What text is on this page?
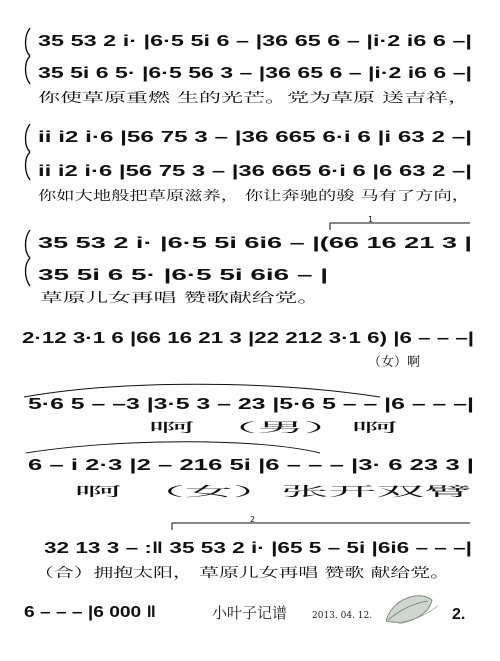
35 53 2 i· |6·5 5i 6 – |36 65 6 – |i·2 i6 6 –|
35 5i 6 5· |6·5 56 3 – |36 65 6 – |i·2 i6 6 –|
你使草原重燃 生的光芒。党为草原 送吉祥，
ii i2 i·6 |56 75 3 – |36 665 6·i 6 |i 63 2 –|
ii i2 i·6 |56 75 3 – |36 665 6·i 6 |6 63 2 –|
你如大地般把草原滋养， 你让奔驰的骏 马有了方向，
1
35 53 2 i· |6·5 5i 6i6 – |(66 16 21 3 |
35 5i 6 5· |6·5 5i 6i6 – |
草原儿女再唱 赞歌献给党。
2·12 3·1 6 |66 16 21 3 |22 212 3·1 6) |6 – – –|
（女）啊
5·6 5 – –3 |3·5 3 – 23 |5·6 5 – – |6 – – –|
啊 （男）啊
6 – i 2·3 |2 – 216 5i |6 – – – |3· 6 23 3 |
啊 （女）张开双臂
2
32 13 3 – :‖ 35 53 2 i· |65 5 – 5i |6i6 – – –|
（合）拥抱太阳， 草原儿女再唱 赞歌 献给党。
6 – – – |6 000 ‖	小叶子记谱	2013. 04. 12.	2.
